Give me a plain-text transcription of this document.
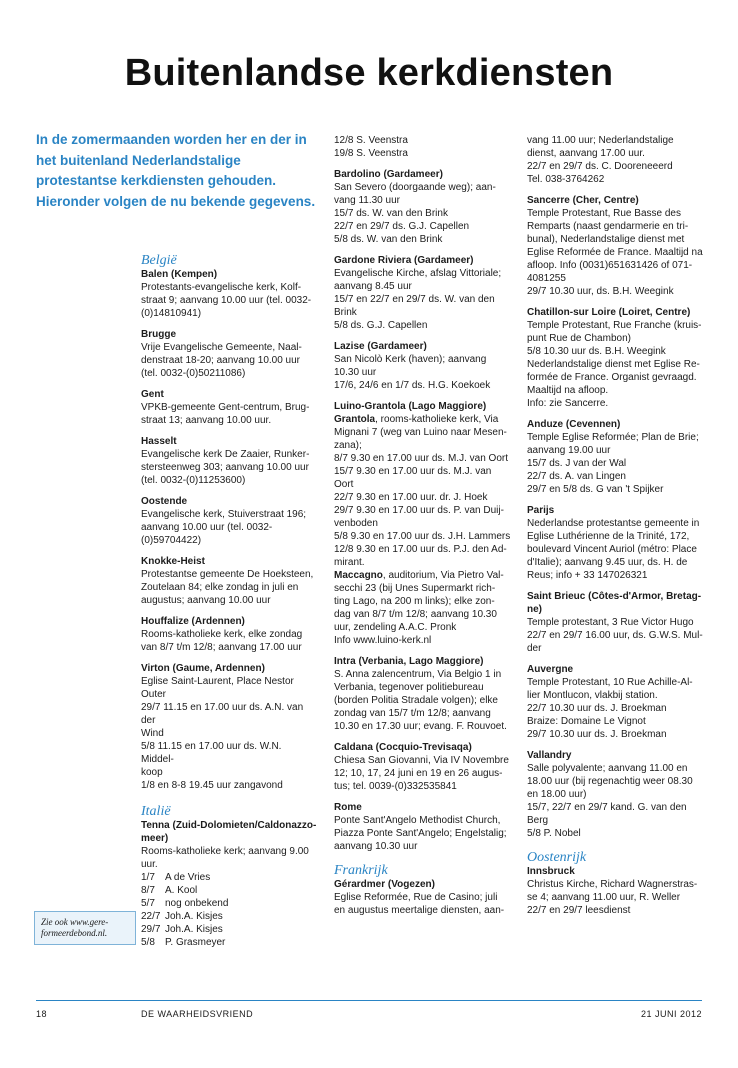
Buitenlandse kerkdiensten

In de zomermaanden worden her en der in het buitenland Nederlandstalige protestantse kerkdiensten gehouden. Hieronder volgen de nu bekende gegevens.

België
Balen (Kempen)
Protestants-evangelische kerk, Kolf-
straat 9; aanvang 10.00 uur (tel. 0032-
(0)14810941)
Brugge
Vrije Evangelische Gemeente, Naal-
denstraat 18-20; aanvang 10.00 uur
(tel. 0032-(0)50211086)
Gent
VPKB-gemeente Gent-centrum, Brug-
straat 13; aanvang 10.00 uur.
Hasselt
Evangelische kerk De Zaaier, Runker-
stersteenweg 303; aanvang 10.00 uur
(tel. 0032-(0)11253600)
Oostende
Evangelische kerk, Stuiverstraat 196;
aanvang 10.00 uur (tel. 0032-
(0)59704422)
Knokke-Heist
Protestantse gemeente De Hoeksteen,
Zoutelaan 84; elke zondag in juli en
augustus; aanvang 10.00 uur
Houffalize (Ardennen)
Rooms-katholieke kerk, elke zondag
van 8/7 t/m 12/8; aanvang 17.00 uur
Virton (Gaume, Ardennen)
Eglise Saint-Laurent, Place Nestor
Outer
29/7 11.15 en 17.00 uur ds. A.N. van der
Wind
5/8 11.15 en 17.00 uur ds. W.N. Middel-
koop
1/8 en 8-8 19.45 uur zangavond
Italië
Tenna (Zuid-Dolomieten/Caldonazzo-
meer)
Rooms-katholieke kerk; aanvang 9.00
uur.
1/7	A de Vries
8/7	A. Kool
5/7	nog onbekend
22/7	Joh.A. Kisjes
29/7	Joh.A. Kisjes
5/8	P. Grasmeyer
12/8 S. Veenstra
19/8 S. Veenstra
Bardolino (Gardameer)
San Severo (doorgaande weg); aan-
vang 11.30 uur
15/7 ds. W. van den Brink
22/7 en 29/7 ds. G.J. Capellen
5/8 ds. W. van den Brink
Gardone Riviera (Gardameer)
Evangelische Kirche, afslag Vittoriale;
aanvang 8.45 uur
15/7 en 22/7 en 29/7 ds. W. van den
Brink
5/8 ds. G.J. Capellen
Lazise (Gardameer)
San Nicolò Kerk (haven); aanvang
10.30 uur
17/6, 24/6 en 1/7 ds. H.G. Koekoek
Luino-Grantola (Lago Maggiore)
Grantola, rooms-katholieke kerk, Via
Mignani 7 (weg van Luino naar Mesen-
zana);
8/7 9.30 en 17.00 uur ds. M.J. van Oort
15/7 9.30 en 17.00 uur ds. M.J. van
Oort
22/7 9.30 en 17.00 uur. dr. J. Hoek
29/7 9.30 en 17.00 uur ds. P. van Duij-
venboden
5/8 9.30 en 17.00 uur ds. J.H. Lammers
12/8 9.30 en 17.00 uur ds. P.J. den Ad-
mirant.
Maccagno, auditorium, Via Pietro Val-
secchi 23 (bij Unes Supermarkt rich-
ting Lago, na 200 m links); elke zon-
dag van 8/7 t/m 12/8; aanvang 10.30
uur, zendeling A.A.C. Pronk
Info www.luino-kerk.nl
Intra (Verbania, Lago Maggiore)
S. Anna zalencentrum, Via Belgio 1 in
Verbania, tegenover politiebureau
(borden Politia Stradale volgen); elke
zondag van 15/7 t/m 12/8; aanvang
10.30 en 17.30 uur; evang. F. Rouvoet.
Caldana (Cocquio-Trevisaqa)
Chiesa San Giovanni, Via IV Novembre
12; 10, 17, 24 juni en 19 en 26 augus-
tus; tel. 0039-(0)332535841
Rome
Ponte Sant'Angelo Methodist Church,
Piazza Ponte Sant'Angelo; Engelstalig;
aanvang 10.30 uur
Frankrijk
Gérardmer (Vogezen)
Eglise Reformée, Rue de Casino; juli
en augustus meertalige diensten, aan-
vang 11.00 uur; Nederlandstalige
dienst, aanvang 17.00 uur.
22/7 en 29/7 ds. C. Dooreneeerd
Tel. 038-3764262
Sancerre (Cher, Centre)
Temple Protestant, Rue Basse des
Remparts (naast gendarmerie en tri-
bunal), Nederlandstalige dienst met
Eglise Reformée de France. Maaltijd na
afloop. Info (0031)651631426 of 071-
4081255
29/7 10.30 uur, ds. B.H. Weegink
Chatillon-sur Loire (Loiret, Centre)
Temple Protestant, Rue Franche (kruis-
punt Rue de Chambon)
5/8 10.30 uur ds. B.H. Weegink
Nederlandstalige dienst met Eglise Re-
formée de France. Organist gevraagd.
Maaltijd na afloop.
Info: zie Sancerre.
Anduze (Cevennen)
Temple Eglise Reformée; Plan de Brie;
aanvang 19.00 uur
15/7 ds. J van der Wal
22/7 ds. A. van Lingen
29/7 en 5/8 ds. G van 't Spijker
Parijs
Nederlandse protestantse gemeente in
Eglise Luthérienne de la Trinité, 172,
boulevard Vincent Auriol (métro: Place
d'Italie); aanvang 9.45 uur, ds. H. de
Reus; info + 33 147026321
Saint Brieuc (Côtes-d'Armor, Bretag-
ne)
Temple protestant, 3 Rue Victor Hugo
22/7 en 29/7 16.00 uur, ds. G.W.S. Mul-
der
Auvergne
Temple Protestant, 10 Rue Achille-Al-
lier Montlucon, vlakbij station.
22/7 10.30 uur ds. J. Broekman
Braize: Domaine Le Vignot
29/7 10.30 uur ds. J. Broekman
Vallandry
Salle polyvalente; aanvang 11.00 en
18.00 uur (bij regenachtig weer 08.30
en 18.00 uur)
15/7, 22/7 en 29/7 kand. G. van den
Berg
5/8 P. Nobel
Oostenrijk
Innsbruck
Christus Kirche, Richard Wagnerstras-
se 4; aanvang 11.00 uur, R. Weller
22/7 en 29/7 leesdienst
Zie ook www.gere-formeerdebond.nl.
18	DE WAARHEIDSVRIEND	21 JUNI 2012
